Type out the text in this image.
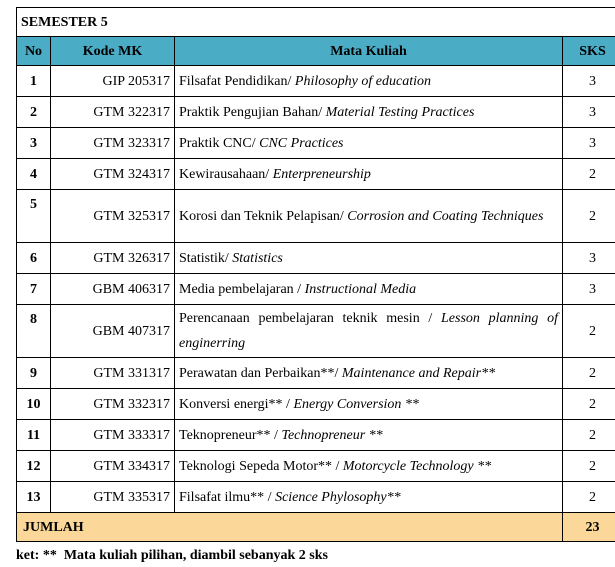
SEMESTER 5			
No	Kode MK	Mata Kuliah	SKS
1	GIP 205317	Filsafat Pendidikan/ Philosophy of education	3
2	GTM 322317	Praktik Pengujian Bahan/ Material Testing Practices	3
3	GTM 323317	Praktik CNC/ CNC Practices	3
4	GTM 324317	Kewirausahaan/ Enterpreneurship	2
5	GTM 325317	Korosi dan Teknik Pelapisan/ Corrosion and Coating Techniques	2
6	GTM 326317	Statistik/ Statistics	3
7	GBM 406317	Media pembelajaran / Instructional Media	3
8	GBM 407317	Perencanaan pembelajaran teknik mesin / Lesson planning of enginerring	2
9	GTM 331317	Perawatan dan Perbaikan**/ Maintenance and Repair**	2
10	GTM 332317	Konversi energi** / Energy Conversion **	2
11	GTM 333317	Teknopreneur** / Technopreneur **	2
12	GTM 334317	Teknologi Sepeda Motor** / Motorcycle Technology **	2
13	GTM 335317	Filsafat ilmu** / Science Phylosophy**	2
JUMLAH			23
ket: **  Mata kuliah pilihan, diambil sebanyak 2 sks
